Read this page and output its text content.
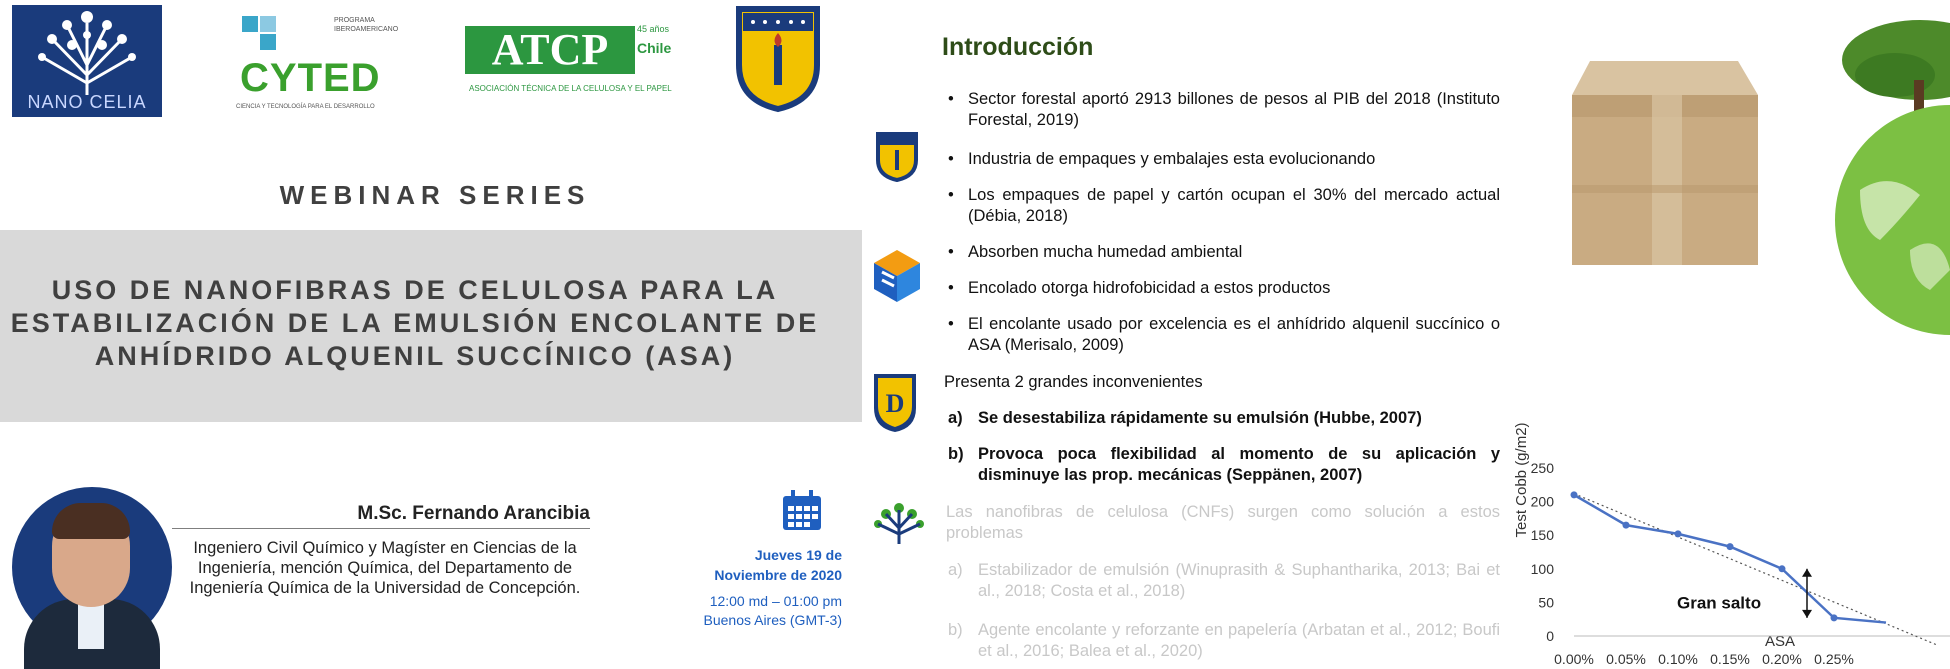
NANO CELIA
PROGRAMA IBEROAMERICANO
CYTED
CIENCIA Y TECNOLOGÍA PARA EL DESARROLLO
ATCP	45 años
Chile
ASOCIACIÓN TÉCNICA DE LA CELULOSA Y EL PAPEL
WEBINAR SERIES
USO DE NANOFIBRAS DE CELULOSA PARA LA
ESTABILIZACIÓN DE LA EMULSIÓN ENCOLANTE DE
ANHÍDRIDO ALQUENIL SUCCÍNICO (ASA)
M.Sc. Fernando Arancibia
Ingeniero Civil Químico y Magíster en Ciencias de la Ingeniería, mención Química, del Departamento de Ingeniería Química de la Universidad de Concepción.
Jueves 19 de
Noviembre de 2020
12:00 md – 01:00 pm
Buenos Aires (GMT-3)
Introducción
D
• Sector forestal aportó 2913 billones de pesos al PIB del 2018 (Instituto Forestal, 2019)
• Industria de empaques y embalajes esta evolucionando
• Los empaques de papel y cartón ocupan el 30% del mercado actual (Débia, 2018)
• Absorben mucha humedad ambiental
• Encolado otorga hidrofobicidad a estos productos
• El encolante usado por excelencia es el anhídrido alquenil succínico o ASA (Merisalo, 2009)
Presenta 2 grandes inconvenientes
a) Se desestabiliza rápidamente su emulsión (Hubbe, 2007)
b) Provoca poca flexibilidad al momento de su aplicación y disminuye las prop. mecánicas (Seppänen, 2007)
Las nanofibras de celulosa (CNFs) surgen como solución a estos problemas
a) Estabilizador de emulsión (Winuprasith & Suphantharika, 2013; Bai et al., 2018; Costa et al., 2018)
b) Agente encolante y reforzante en papelería (Arbatan et al., 2012; Boufi et al., 2016; Balea et al., 2020)
Test Cobb (g/m2)
ASA
Gran salto
0
50
100
150
200
250
0.00% 0.05% 0.10% 0.15% 0.20% 0.25%
